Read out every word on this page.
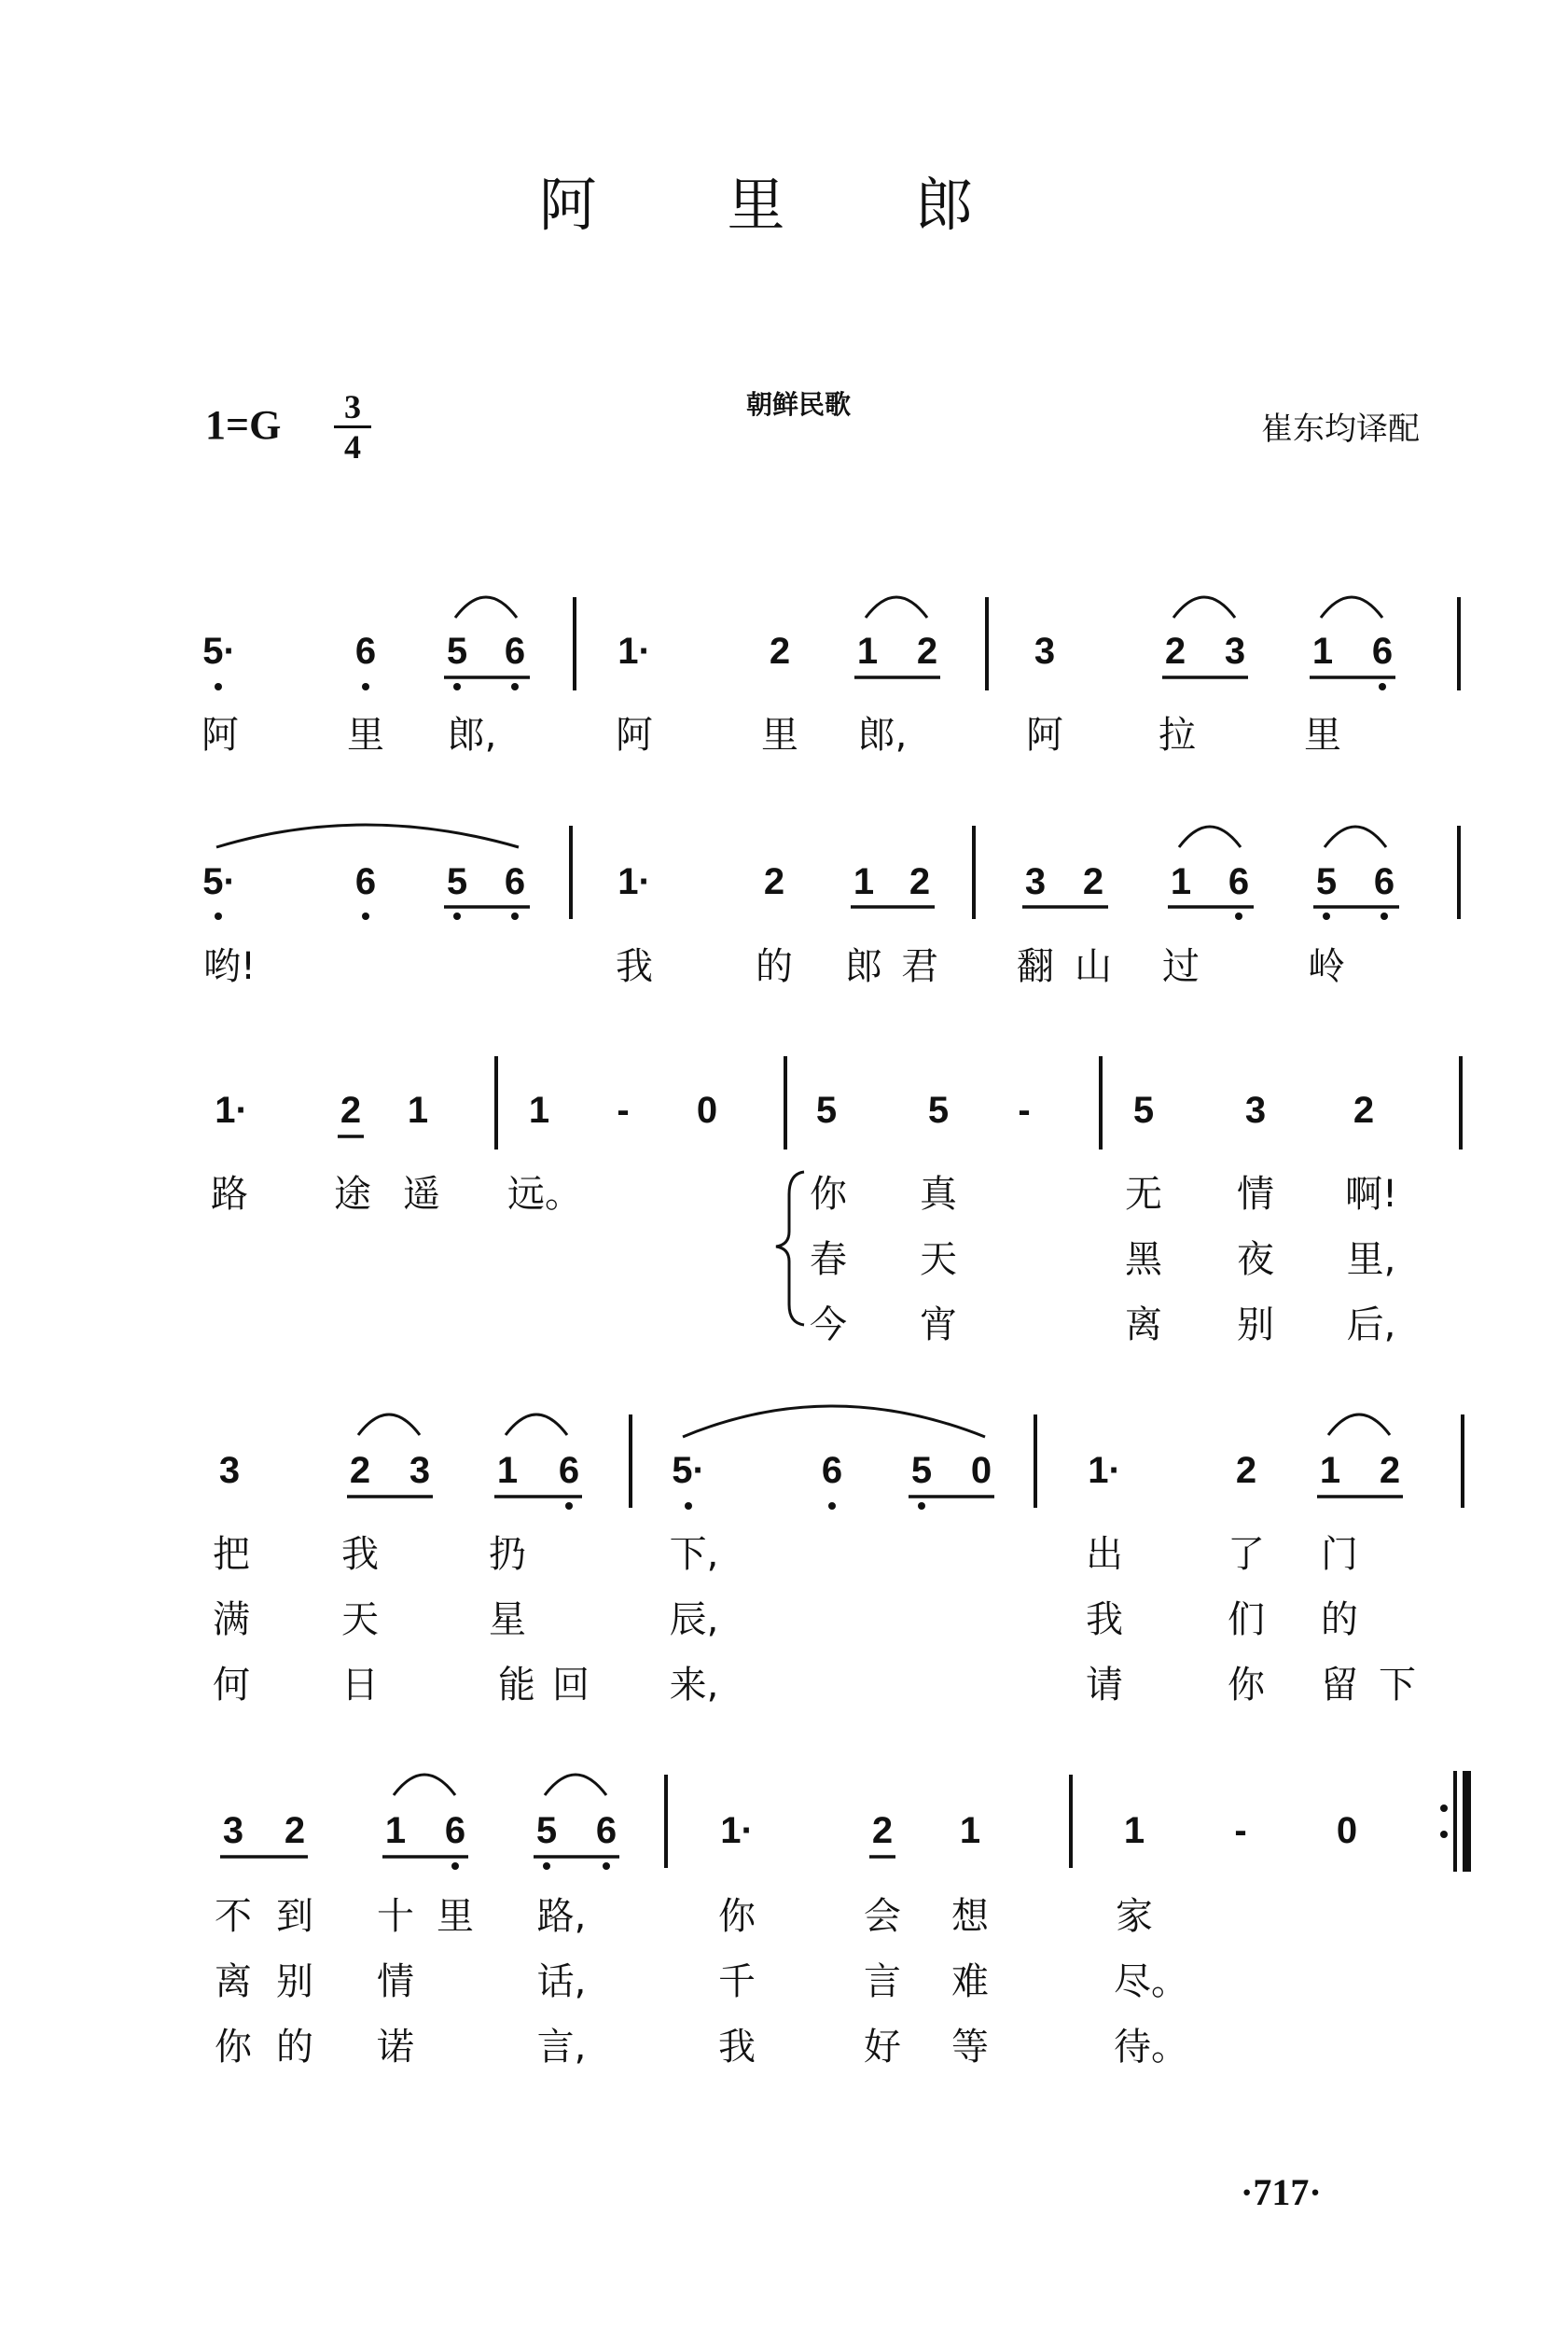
阿 里 郎
1=G	3
4
朝鲜民歌
崔东均译配
5·	6 5 6 1·	2 1 2	3	2 3 1 6
阿	里 郎,	阿	里 郎,	阿	拉	里
5·	6 5 6 1·	2 1 2	3 2 1 6 5 6
哟!	我	的 郎 君 翻 山 过	岭
1· 2 1	1 - 0	5 5 -	5 3 2
路 途 遥 远。	你 真	无 情 啊!
春 天	黑 夜 里,
今 宵	离 别 后,
3	2 3 1 6 5·	6 5 0	1·	2 1 2
把 我	扔	下,	出	了 门
满 天	星	辰,	我	们 的
何 日	能 回 来,	请	你 留 下
3 2 1 6 5 6	1·	2 1	1 - 0
不 到 十 里 路,	你	会 想	家
离 别 情	话,	千	言 难	尽。
你 的 诺	言,	我	好 等	待。
·717·
